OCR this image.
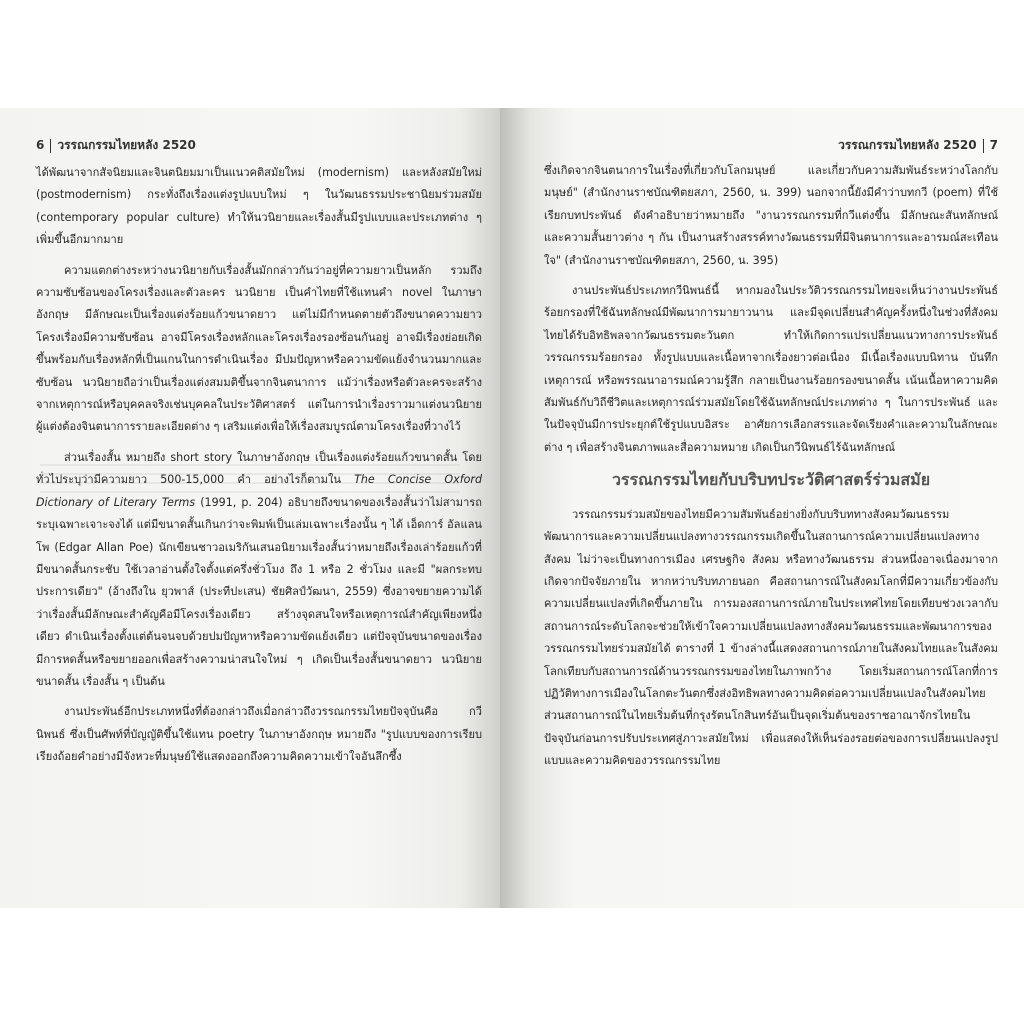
6 วรรณกรรมไทยหลัง 2520

ได้พัฒนาจากสัจนิยมและจินตนิยมมาเป็นแนวคติสมัยใหม่ (modernism) และหลังสมัยใหม่ (postmodernism) กระทั่งถึงเรื่องแต่งรูปแบบใหม่ ๆ ในวัฒนธรรมประชานิยมร่วมสมัย (contemporary popular culture) ทำให้นวนิยายและเรื่องสั้นมีรูปแบบและประเภทต่าง ๆ เพิ่มขึ้นอีกมากมาย

ความแตกต่างระหว่างนวนิยายกับเรื่องสั้นมักกล่าวกันว่าอยู่ที่ความยาวเป็นหลัก รวมถึงความซับซ้อนของโครงเรื่องและตัวละคร นวนิยาย เป็นคำไทยที่ใช้แทนคำ novel ในภาษาอังกฤษ มีลักษณะเป็นเรื่องแต่งร้อยแก้วขนาดยาว แต่ไม่มีกำหนดตายตัวถึงขนาดความยาว โครงเรื่องมีความซับซ้อน อาจมีโครงเรื่องหลักและโครงเรื่องรองซ้อนกันอยู่ อาจมีเรื่องย่อยเกิดขึ้นพร้อมกับเรื่องหลักที่เป็นแกนในการดำเนินเรื่อง มีปมปัญหาหรือความขัดแย้งจำนวนมากและซับซ้อน นวนิยายถือว่าเป็นเรื่องแต่งสมมติขึ้นจากจินตนาการ แม้ว่าเรื่องหรือตัวละครจะสร้างจากเหตุการณ์หรือบุคคลจริงเช่นบุคคลในประวัติศาสตร์ แต่ในการนำเรื่องราวมาแต่งนวนิยาย ผู้แต่งต้องจินตนาการรายละเอียดต่าง ๆ เสริมแต่งเพื่อให้เรื่องสมบูรณ์ตามโครงเรื่องที่วางไว้

ส่วนเรื่องสั้น หมายถึง short story ในภาษาอังกฤษ เป็นเรื่องแต่งร้อยแก้วขนาดสั้น โดยทั่วไประบุว่ามีความยาว 500-15,000 คำ อย่างไรก็ตามใน The Concise Oxford Dictionary of Literary Terms (1991, p. 204) อธิบายถึงขนาดของเรื่องสั้นว่าไม่สามารถระบุเฉพาะเจาะจงได้ แต่มีขนาดสั้นเกินกว่าจะพิมพ์เป็นเล่มเฉพาะเรื่องนั้น ๆ ได้ เอ็ดการ์ อัลแลน โพ (Edgar Allan Poe) นักเขียนชาวอเมริกันเสนอนิยามเรื่องสั้นว่าหมายถึงเรื่องเล่าร้อยแก้วที่มีขนาดสั้นกระชับ ใช้เวลาอ่านตั้งใจตั้งแต่ครึ่งชั่วโมง ถึง 1 หรือ 2 ชั่วโมง และมี "ผลกระทบประการเดียว" (อ้างถึงใน ยุวพาส์ (ประทีปะเสน) ชัยศิลป์วัฒนา, 2559) ซึ่งอาจขยายความได้ว่าเรื่องสั้นมีลักษณะสำคัญคือมีโครงเรื่องเดียว สร้างจุดสนใจหรือเหตุการณ์สำคัญเพียงหนึ่งเดียว ดำเนินเรื่องตั้งแต่ต้นจนจบด้วยปมปัญหาหรือความขัดแย้งเดียว แต่ปัจจุบันขนาดของเรื่องมีการหดสั้นหรือขยายออกเพื่อสร้างความน่าสนใจใหม่ ๆ เกิดเป็นเรื่องสั้นขนาดยาว นวนิยายขนาดสั้น เรื่องสั้น ๆ เป็นต้น

งานประพันธ์อีกประเภทหนึ่งที่ต้องกล่าวถึงเมื่อกล่าวถึงวรรณกรรมไทยปัจจุบันคือ กวีนิพนธ์ ซึ่งเป็นศัพท์ที่บัญญัติขึ้นใช้แทน poetry ในภาษาอังกฤษ หมายถึง "รูปแบบของการเรียบเรียงถ้อยคำอย่างมีจังหวะที่มนุษย์ใช้แสดงออกถึงความคิดความเข้าใจอันลึกซึ้ง

วรรณกรรมไทยหลัง 2520 7

ซึ่งเกิดจากจินตนาการในเรื่องที่เกี่ยวกับโลกมนุษย์ และเกี่ยวกับความสัมพันธ์ระหว่างโลกกับมนุษย์" (สำนักงานราชบัณฑิตยสภา, 2560, น. 399) นอกจากนี้ยังมีคำว่าบทกวี (poem) ที่ใช้เรียกบทประพันธ์ ดังคำอธิบายว่าหมายถึง "งานวรรณกรรมที่กวีแต่งขึ้น มีลักษณะสันทลักษณ์ และความสั้นยาวต่าง ๆ กัน เป็นงานสร้างสรรค์ทางวัฒนธรรมที่มีจินตนาการและอารมณ์สะเทือนใจ" (สำนักงานราชบัณฑิตยสภา, 2560, น. 395)

งานประพันธ์ประเภทกวีนิพนธ์นี้ หากมองในประวัติวรรณกรรมไทยจะเห็นว่างานประพันธ์ร้อยกรองที่ใช้ฉันทลักษณ์มีพัฒนาการมายาวนาน และมีจุดเปลี่ยนสำคัญครั้งหนึ่งในช่วงที่สังคมไทยได้รับอิทธิพลจากวัฒนธรรมตะวันตก ทำให้เกิดการแปรเปลี่ยนแนวทางการประพันธ์วรรณกรรมร้อยกรอง ทั้งรูปแบบและเนื้อหาจากเรื่องยาวต่อเนื่อง มีเนื้อเรื่องแบบนิทาน บันทึกเหตุการณ์ หรือพรรณนาอารมณ์ความรู้สึก กลายเป็นงานร้อยกรองขนาดสั้น เน้นเนื้อหาความคิดสัมพันธ์กับวิถีชีวิตและเหตุการณ์ร่วมสมัยโดยใช้ฉันทลักษณ์ประเภทต่าง ๆ ในการประพันธ์ และในปัจจุบันมีการประยุกต์ใช้รูปแบบอิสระ อาศัยการเลือกสรรและจัดเรียงคำและความในลักษณะต่าง ๆ เพื่อสร้างจินตภาพและสื่อความหมาย เกิดเป็นกวีนิพนธ์ไร้ฉันทลักษณ์

วรรณกรรมไทยกับบริบทประวัติศาสตร์ร่วมสมัย

วรรณกรรมร่วมสมัยของไทยมีความสัมพันธ์อย่างยิ่งกับบริบททางสังคมวัฒนธรรม พัฒนาการและความเปลี่ยนแปลงทางวรรณกรรมเกิดขึ้นในสถานการณ์ความเปลี่ยนแปลงทางสังคม ไม่ว่าจะเป็นทางการเมือง เศรษฐกิจ สังคม หรือทางวัฒนธรรม ส่วนหนึ่งอาจเนื่องมาจากเกิดจากปัจจัยภายใน หากหว่าบริบทภายนอก คือสถานการณ์ในสังคมโลกที่มีความเกี่ยวข้องกับความเปลี่ยนแปลงที่เกิดขึ้นภายใน การมองสถานการณ์ภายในประเทศไทยโดยเทียบช่วงเวลากับสถานการณ์ระดับโลกจะช่วยให้เข้าใจความเปลี่ยนแปลงทางสังคมวัฒนธรรมและพัฒนาการของวรรณกรรมไทยร่วมสมัยได้ ตารางที่ 1 ข้างล่างนี้แสดงสถานการณ์ภายในสังคมไทยและในสังคมโลกเทียบกับสถานการณ์ด้านวรรณกรรมของไทยในภาพกว้าง โดยเริ่มสถานการณ์โลกที่การปฏิวัติทางการเมืองในโลกตะวันตกซึ่งส่งอิทธิพลทางความคิดต่อความเปลี่ยนแปลงในสังคมไทย ส่วนสถานการณ์ในไทยเริ่มต้นที่กรุงรัตนโกสินทร์อันเป็นจุดเริ่มต้นของราชอาณาจักรไทยในปัจจุบันก่อนการปรับประเทศสู่ภาวะสมัยใหม่ เพื่อแสดงให้เห็นร่องรอยต่อของการเปลี่ยนแปลงรูปแบบและความคิดของวรรณกรรมไทย
